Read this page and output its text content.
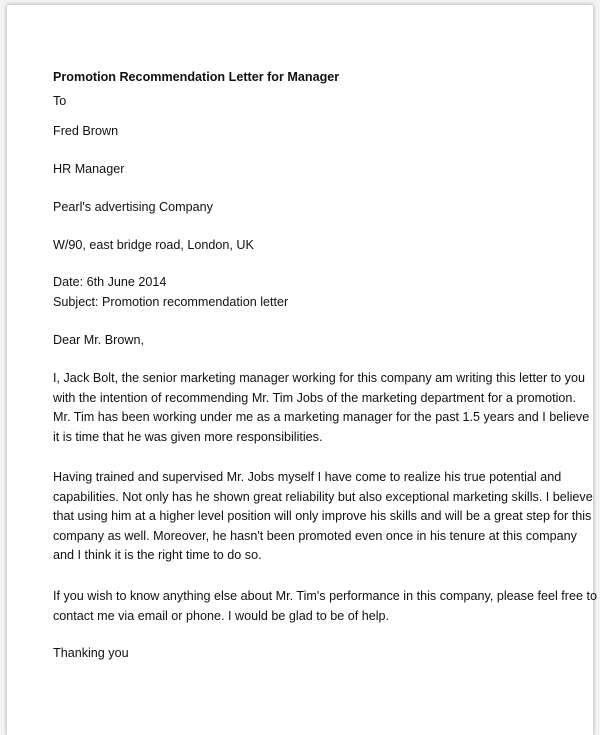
Promotion Recommendation Letter for Manager
To
Fred Brown
HR Manager
Pearl's advertising Company
W/90, east bridge road, London, UK
Date: 6th June 2014
Subject: Promotion recommendation letter
Dear Mr. Brown,
I, Jack Bolt, the senior marketing manager working for this company am writing this letter to you
with the intention of recommending Mr. Tim Jobs of the marketing department for a promotion.
Mr. Tim has been working under me as a marketing manager for the past 1.5 years and I believe
it is time that he was given more responsibilities.
Having trained and supervised Mr. Jobs myself I have come to realize his true potential and
capabilities. Not only has he shown great reliability but also exceptional marketing skills. I believe
that using him at a higher level position will only improve his skills and will be a great step for this
company as well. Moreover, he hasn't been promoted even once in his tenure at this company
and I think it is the right time to do so.
If you wish to know anything else about Mr. Tim's performance in this company, please feel free to
contact me via email or phone. I would be glad to be of help.
Thanking you
